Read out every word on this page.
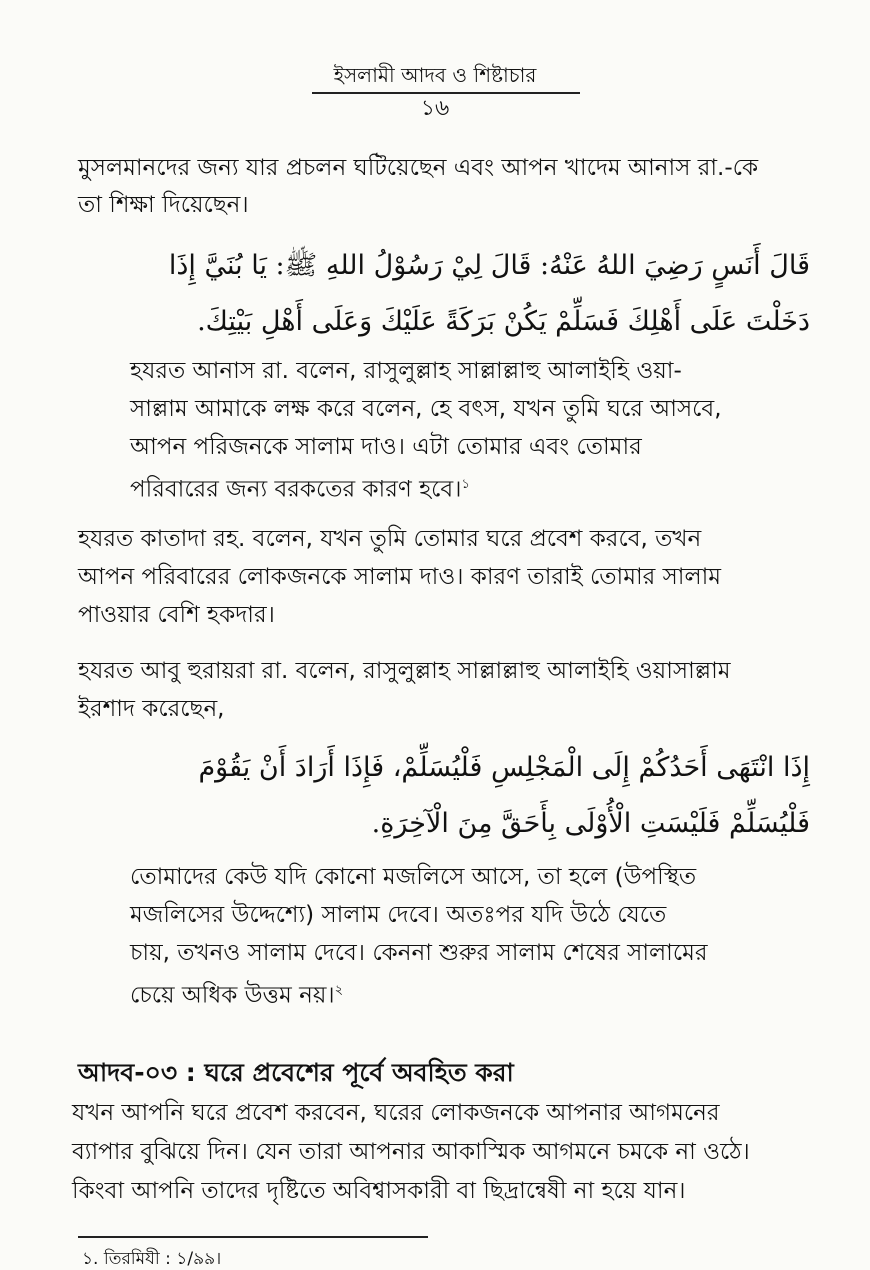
ইসলামী আদব ও শিষ্টাচার
১৬
মুসলমানদের জন্য যার প্রচলন ঘটিয়েছেন এবং আপন খাদেম আনাস রা.-কে
তা শিক্ষা দিয়েছেন।
قَالَ أَنَسٍ رَضِيَ اللهُ عَنْهُ: قَالَ لِيْ رَسُوْلُ اللهِ ﷺ: يَا بُنَيَّ إِذَا
دَخَلْتَ عَلَى أَهْلِكَ فَسَلِّمْ يَكُنْ بَرَكَةً عَلَيْكَ وَعَلَى أَهْلِ بَيْتِكَ.
হযরত আনাস রা. বলেন, রাসুলুল্লাহ সাল্লাল্লাহু আলাইহি ওয়া-
সাল্লাম আমাকে লক্ষ করে বলেন, হে বৎস, যখন তুমি ঘরে আসবে,
আপন পরিজনকে সালাম দাও। এটা তোমার এবং তোমার
পরিবারের জন্য বরকতের কারণ হবে।$^১$
হযরত কাতাদা রহ. বলেন, যখন তুমি তোমার ঘরে প্রবেশ করবে, তখন
আপন পরিবারের লোকজনকে সালাম দাও। কারণ তারাই তোমার সালাম
পাওয়ার বেশি হকদার।
হযরত আবু হুরায়রা রা. বলেন, রাসুলুল্লাহ সাল্লাল্লাহু আলাইহি ওয়াসাল্লাম
ইরশাদ করেছেন,
إِذَا انْتَهَى أَحَدُكُمْ إِلَى الْمَجْلِسِ فَلْيُسَلِّمْ، فَإِذَا أَرَادَ أَنْ يَقُوْمَ
فَلْيُسَلِّمْ فَلَيْسَتِ الْأُوْلَى بِأَحَقَّ مِنَ الْآخِرَةِ.
তোমাদের কেউ যদি কোনো মজলিসে আসে, তা হলে (উপস্থিত
মজলিসের উদ্দেশ্যে) সালাম দেবে। অতঃপর যদি উঠে যেতে
চায়, তখনও সালাম দেবে। কেননা শুরুর সালাম শেষের সালামের
চেয়ে অধিক উত্তম নয়।$^২$
আদব-০৩ : ঘরে প্রবেশের পূর্বে অবহিত করা
যখন আপনি ঘরে প্রবেশ করবেন, ঘরের লোকজনকে আপনার আগমনের
ব্যাপার বুঝিয়ে দিন। যেন তারা আপনার আকাস্মিক আগমনে চমকে না ওঠে।
কিংবা আপনি তাদের দৃষ্টিতে অবিশ্বাসকারী বা ছিদ্রান্বেষী না হয়ে যান।
১. তিরমিযী : ১/৯৯।
